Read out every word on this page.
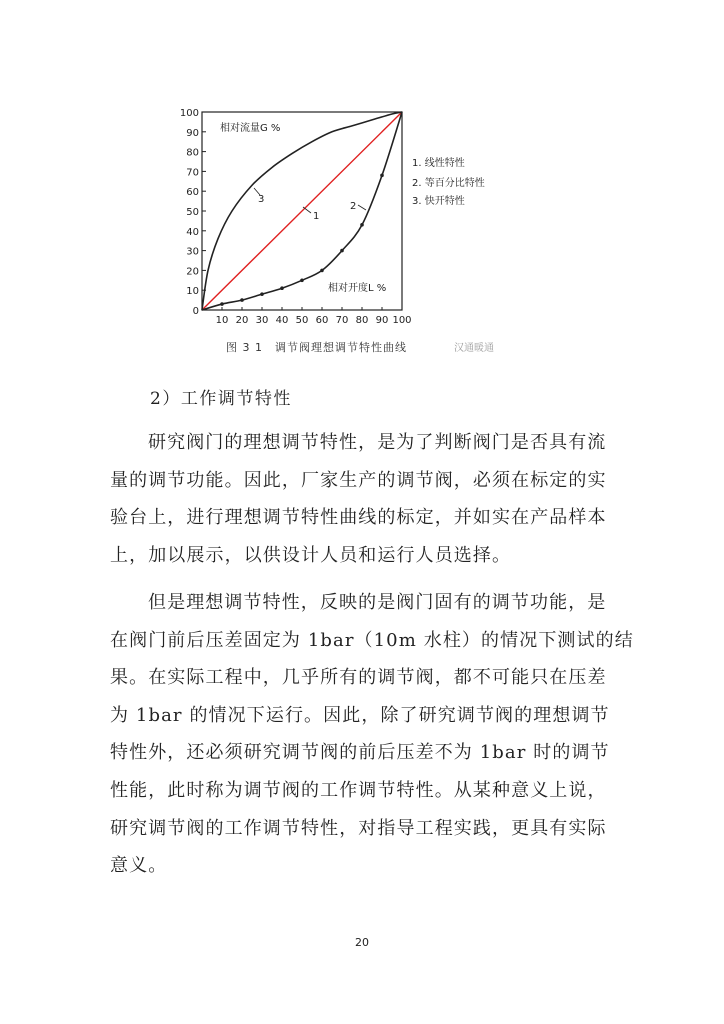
0
10
20
30
40
50
60
70
80
90
100
10 20 30 40 50 60 70 80 90 100
相对流量G %
相对开度L %
1
2
3
1. 线性特性
2. 等百分比特性
3. 快开特性
图 3 1　调节阀理想调节特性曲线	汉通暖通
2）工作调节特性
研究阀门的理想调节特性，是为了判断阀门是否具有流
量的调节功能。因此，厂家生产的调节阀，必须在标定的实
验台上，进行理想调节特性曲线的标定，并如实在产品样本
上，加以展示，以供设计人员和运行人员选择。
但是理想调节特性，反映的是阀门固有的调节功能，是
在阀门前后压差固定为 1bar（10m 水柱）的情况下测试的结
果。在实际工程中，几乎所有的调节阀，都不可能只在压差
为 1bar 的情况下运行。因此，除了研究调节阀的理想调节
特性外，还必须研究调节阀的前后压差不为 1bar 时的调节
性能，此时称为调节阀的工作调节特性。从某种意义上说，
研究调节阀的工作调节特性，对指导工程实践，更具有实际
意义。
20
